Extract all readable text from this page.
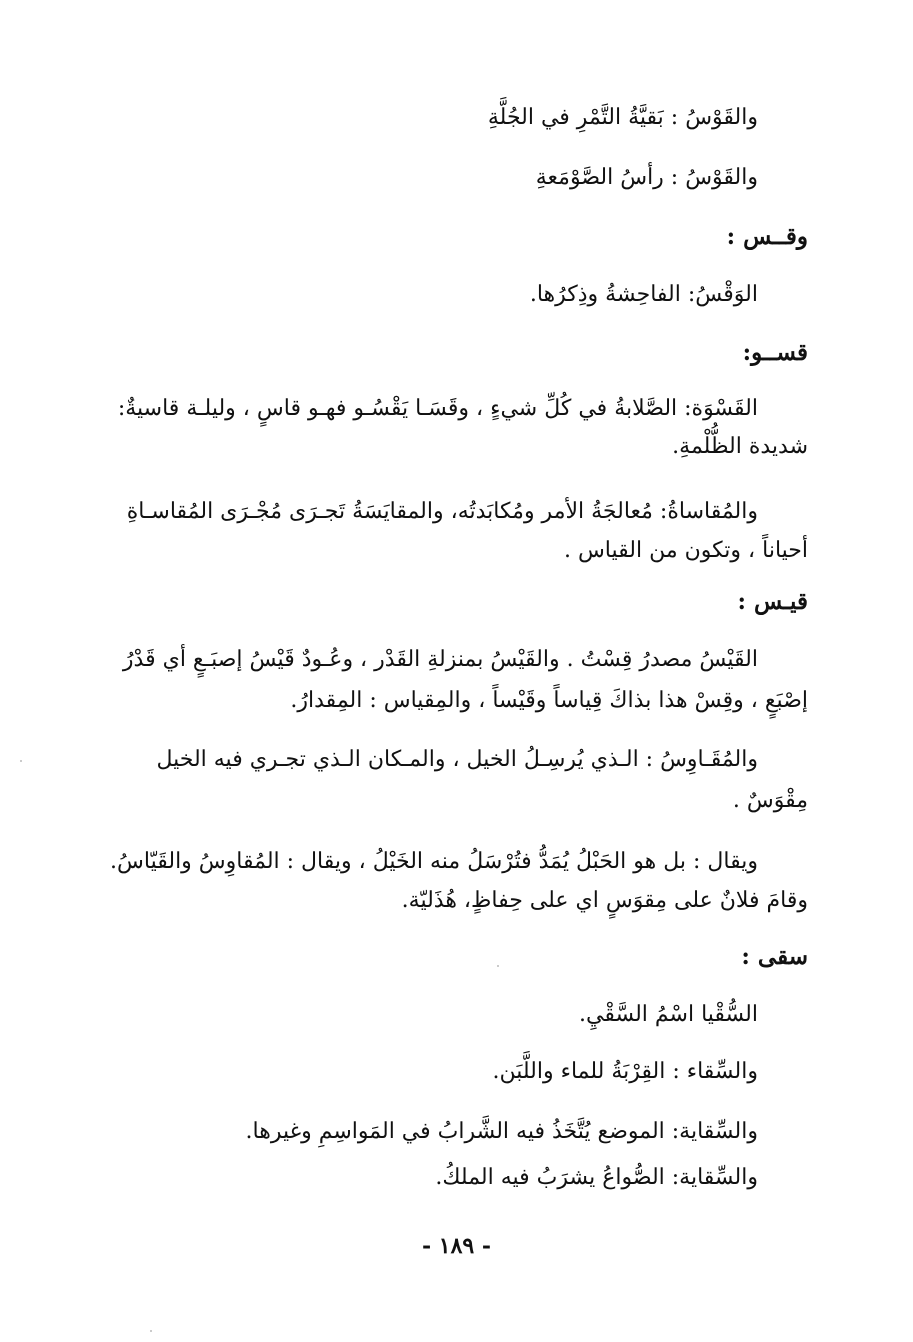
والقَوْسُ : بَقيَّةُ التَّمْرِ في الجُلَّةِ
والقَوْسُ : رأسُ الصَّوْمَعةِ
وقــس :
الوَقْسُ: الفاحِشةُ وذِكرُها.
قســو:
القَسْوَة: الصَّلابةُ في كُلِّ شيءٍ ، وقَسَـا يَقْسُـو فهـو قاسٍ ، وليلـة قاسيةٌ:
شديدة الظُّلْمةِ.
والمُقاساةُ: مُعالجَةُ الأمر ومُكابَدتُه، والمقايَسَةُ تَجـرَى مُجْـرَى المُقاسـاةِ
أحياناً ، وتكون من القياس .
قيـس :
القَيْسُ مصدرُ قِسْتُ . والقَيْسُ بمنزلةِ القَدْر ، وعُـودٌ قَيْسُ إصبَـعٍ أي قَدْرُ
إصْبَعٍ ، وقِسْ هذا بذاكَ قِياساً وقَيْساً ، والمِقياس : المِقدارُ.
والمُقَـاوِسُ : الـذي يُرسِـلُ الخيل ، والمـكان الـذي تجـري فيه الخيل
مِقْوَسٌ .
ويقال : بل هو الحَبْلُ يُمَدُّ فتُرْسَلُ منه الخَيْلُ ، ويقال : المُقاوِسُ والقَيّاسُ.
وقامَ فلانٌ على مِقوَسٍ اي على حِفاظٍ، هُذَليّة.
سقى :
السُّقْيا اسْمُ السَّقْيِ.
والسِّقاء : القِرْبَةُ للماء واللَّبَن.
والسِّقاية: الموضع يُتَّخَذُ فيه الشَّرابُ في المَواسِمِ وغيرها.
والسِّقاية: الصُّواعُ يشرَبُ فيه الملكُ.
- ١٨٩ -
